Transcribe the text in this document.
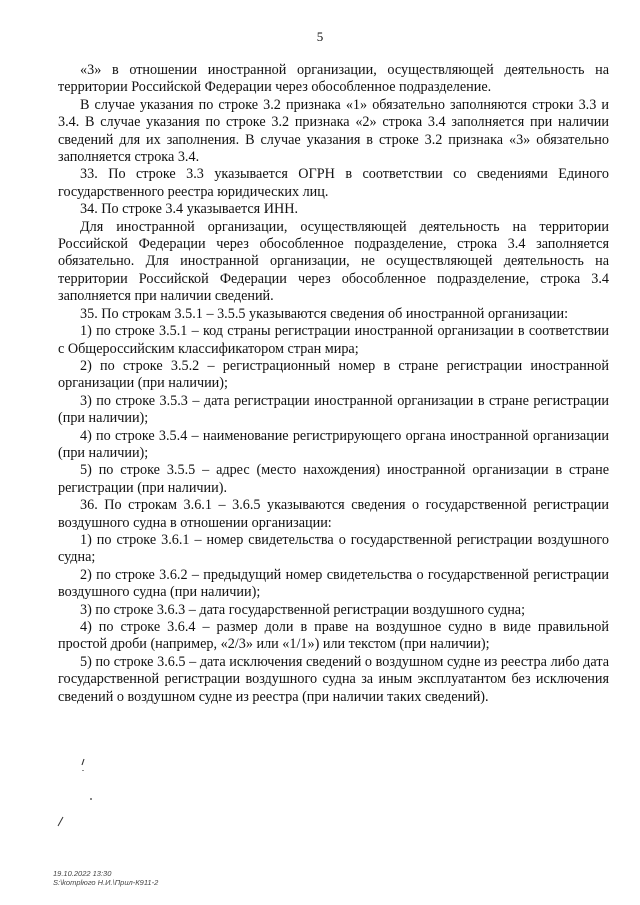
5

«3» в отношении иностранной организации, осуществляющей деятельность на территории Российской Федерации через обособленное подразделение.

В случае указания по строке 3.2 признака «1» обязательно заполняются строки 3.3 и 3.4. В случае указания по строке 3.2 признака «2» строка 3.4 заполняется при наличии сведений для их заполнения. В случае указания в строке 3.2 признака «3» обязательно заполняется строка 3.4.

33. По строке 3.3 указывается ОГРН в соответствии со сведениями Единого государственного реестра юридических лиц.

34. По строке 3.4 указывается ИНН.

Для иностранной организации, осуществляющей деятельность на территории Российской Федерации через обособленное подразделение, строка 3.4 заполняется обязательно. Для иностранной организации, не осуществляющей деятельность на территории Российской Федерации через обособленное подразделение, строка 3.4 заполняется при наличии сведений.

35. По строкам 3.5.1 – 3.5.5 указываются сведения об иностранной организации:

1) по строке 3.5.1 – код страны регистрации иностранной организации в соответствии с Общероссийским классификатором стран мира;

2) по строке 3.5.2 – регистрационный номер в стране регистрации иностранной организации (при наличии);

3) по строке 3.5.3 – дата регистрации иностранной организации в стране регистрации (при наличии);

4) по строке 3.5.4 – наименование регистрирующего органа иностранной организации (при наличии);

5) по строке 3.5.5 – адрес (место нахождения) иностранной организации в стране регистрации (при наличии).

36. По строкам 3.6.1 – 3.6.5 указываются сведения о государственной регистрации воздушного судна в отношении организации:

1) по строке 3.6.1 – номер свидетельства о государственной регистрации воздушного судна;

2) по строке 3.6.2 – предыдущий номер свидетельства о государственной регистрации воздушного судна (при наличии);

3) по строке 3.6.3 – дата государственной регистрации воздушного судна;

4) по строке 3.6.4 – размер доли в праве на воздушное судно в виде правильной простой дроби (например, «2/3» или «1/1») или текстом (при наличии);

5) по строке 3.6.5 – дата исключения сведений о воздушном судне из реестра либо дата государственной регистрации воздушного судна за иным эксплуатантом без исключения сведений о воздушном судне из реестра (при наличии таких сведений).

19.10.2022 13:30
S:\komplюго Н.И.\Прил-К911-2
